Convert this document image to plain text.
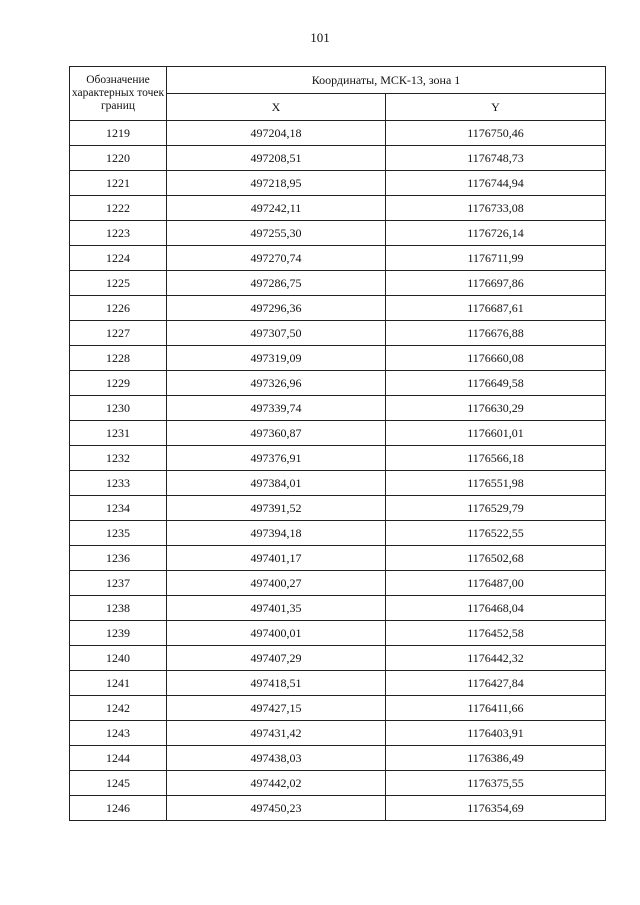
101
Обозначение характерных точек границ	Координаты, МСК-13, зона 1	
	X	Y
1219	497204,18	1176750,46
1220	497208,51	1176748,73
1221	497218,95	1176744,94
1222	497242,11	1176733,08
1223	497255,30	1176726,14
1224	497270,74	1176711,99
1225	497286,75	1176697,86
1226	497296,36	1176687,61
1227	497307,50	1176676,88
1228	497319,09	1176660,08
1229	497326,96	1176649,58
1230	497339,74	1176630,29
1231	497360,87	1176601,01
1232	497376,91	1176566,18
1233	497384,01	1176551,98
1234	497391,52	1176529,79
1235	497394,18	1176522,55
1236	497401,17	1176502,68
1237	497400,27	1176487,00
1238	497401,35	1176468,04
1239	497400,01	1176452,58
1240	497407,29	1176442,32
1241	497418,51	1176427,84
1242	497427,15	1176411,66
1243	497431,42	1176403,91
1244	497438,03	1176386,49
1245	497442,02	1176375,55
1246	497450,23	1176354,69
